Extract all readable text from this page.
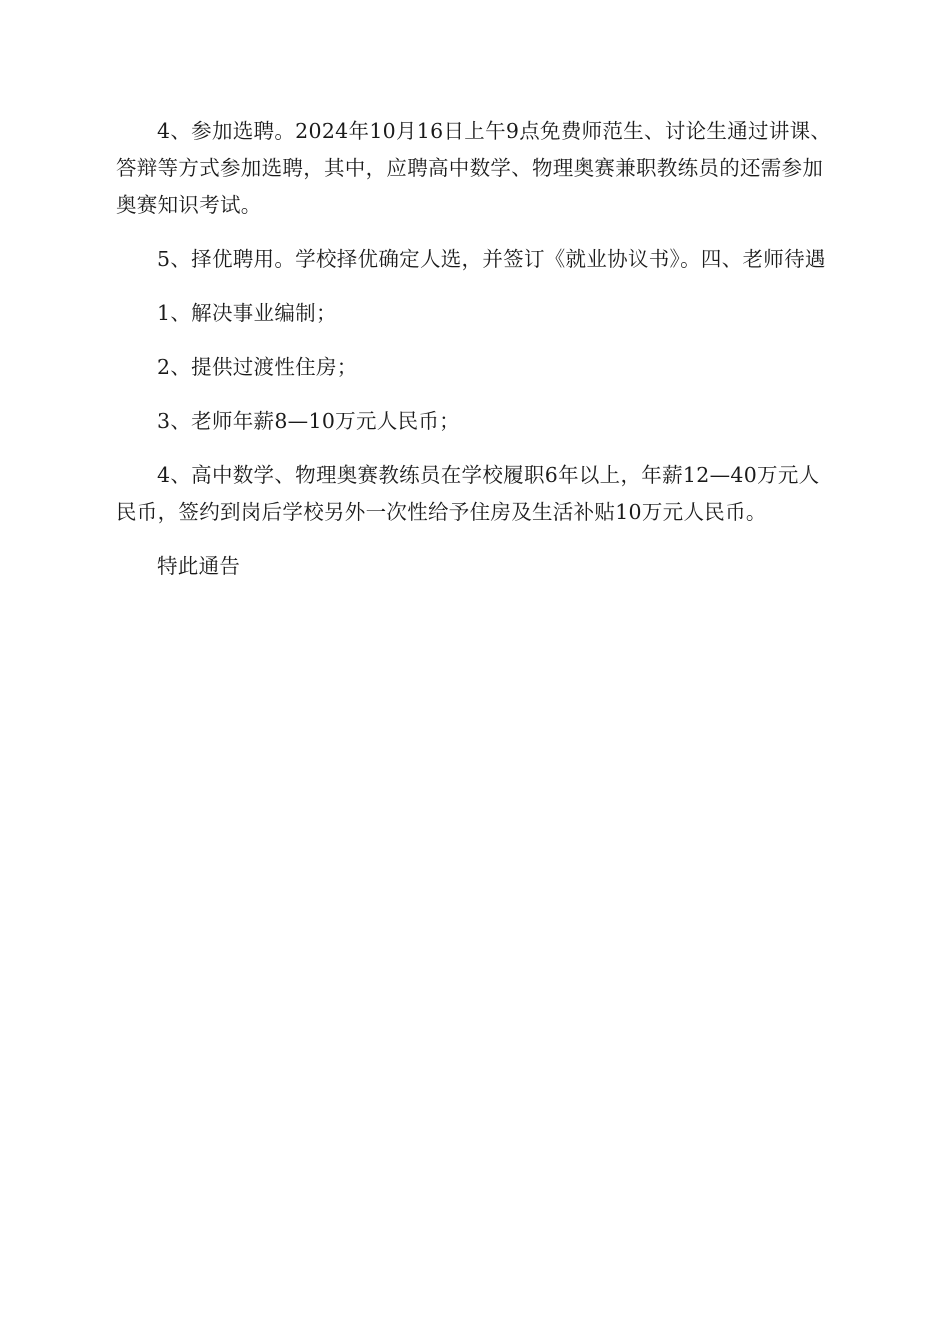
4、参加选聘。2024年10月16日上午9点免费师范生、讨论生通过讲课、答辩等方式参加选聘，其中，应聘高中数学、物理奥赛兼职教练员的还需参加奥赛知识考试。

5、择优聘用。学校择优确定人选，并签订《就业协议书》。四、老师待遇

1、解决事业编制；

2、提供过渡性住房；

3、老师年薪8—10万元人民币；

4、高中数学、物理奥赛教练员在学校履职6年以上，年薪12—40万元人民币，签约到岗后学校另外一次性给予住房及生活补贴10万元人民币。

特此通告
